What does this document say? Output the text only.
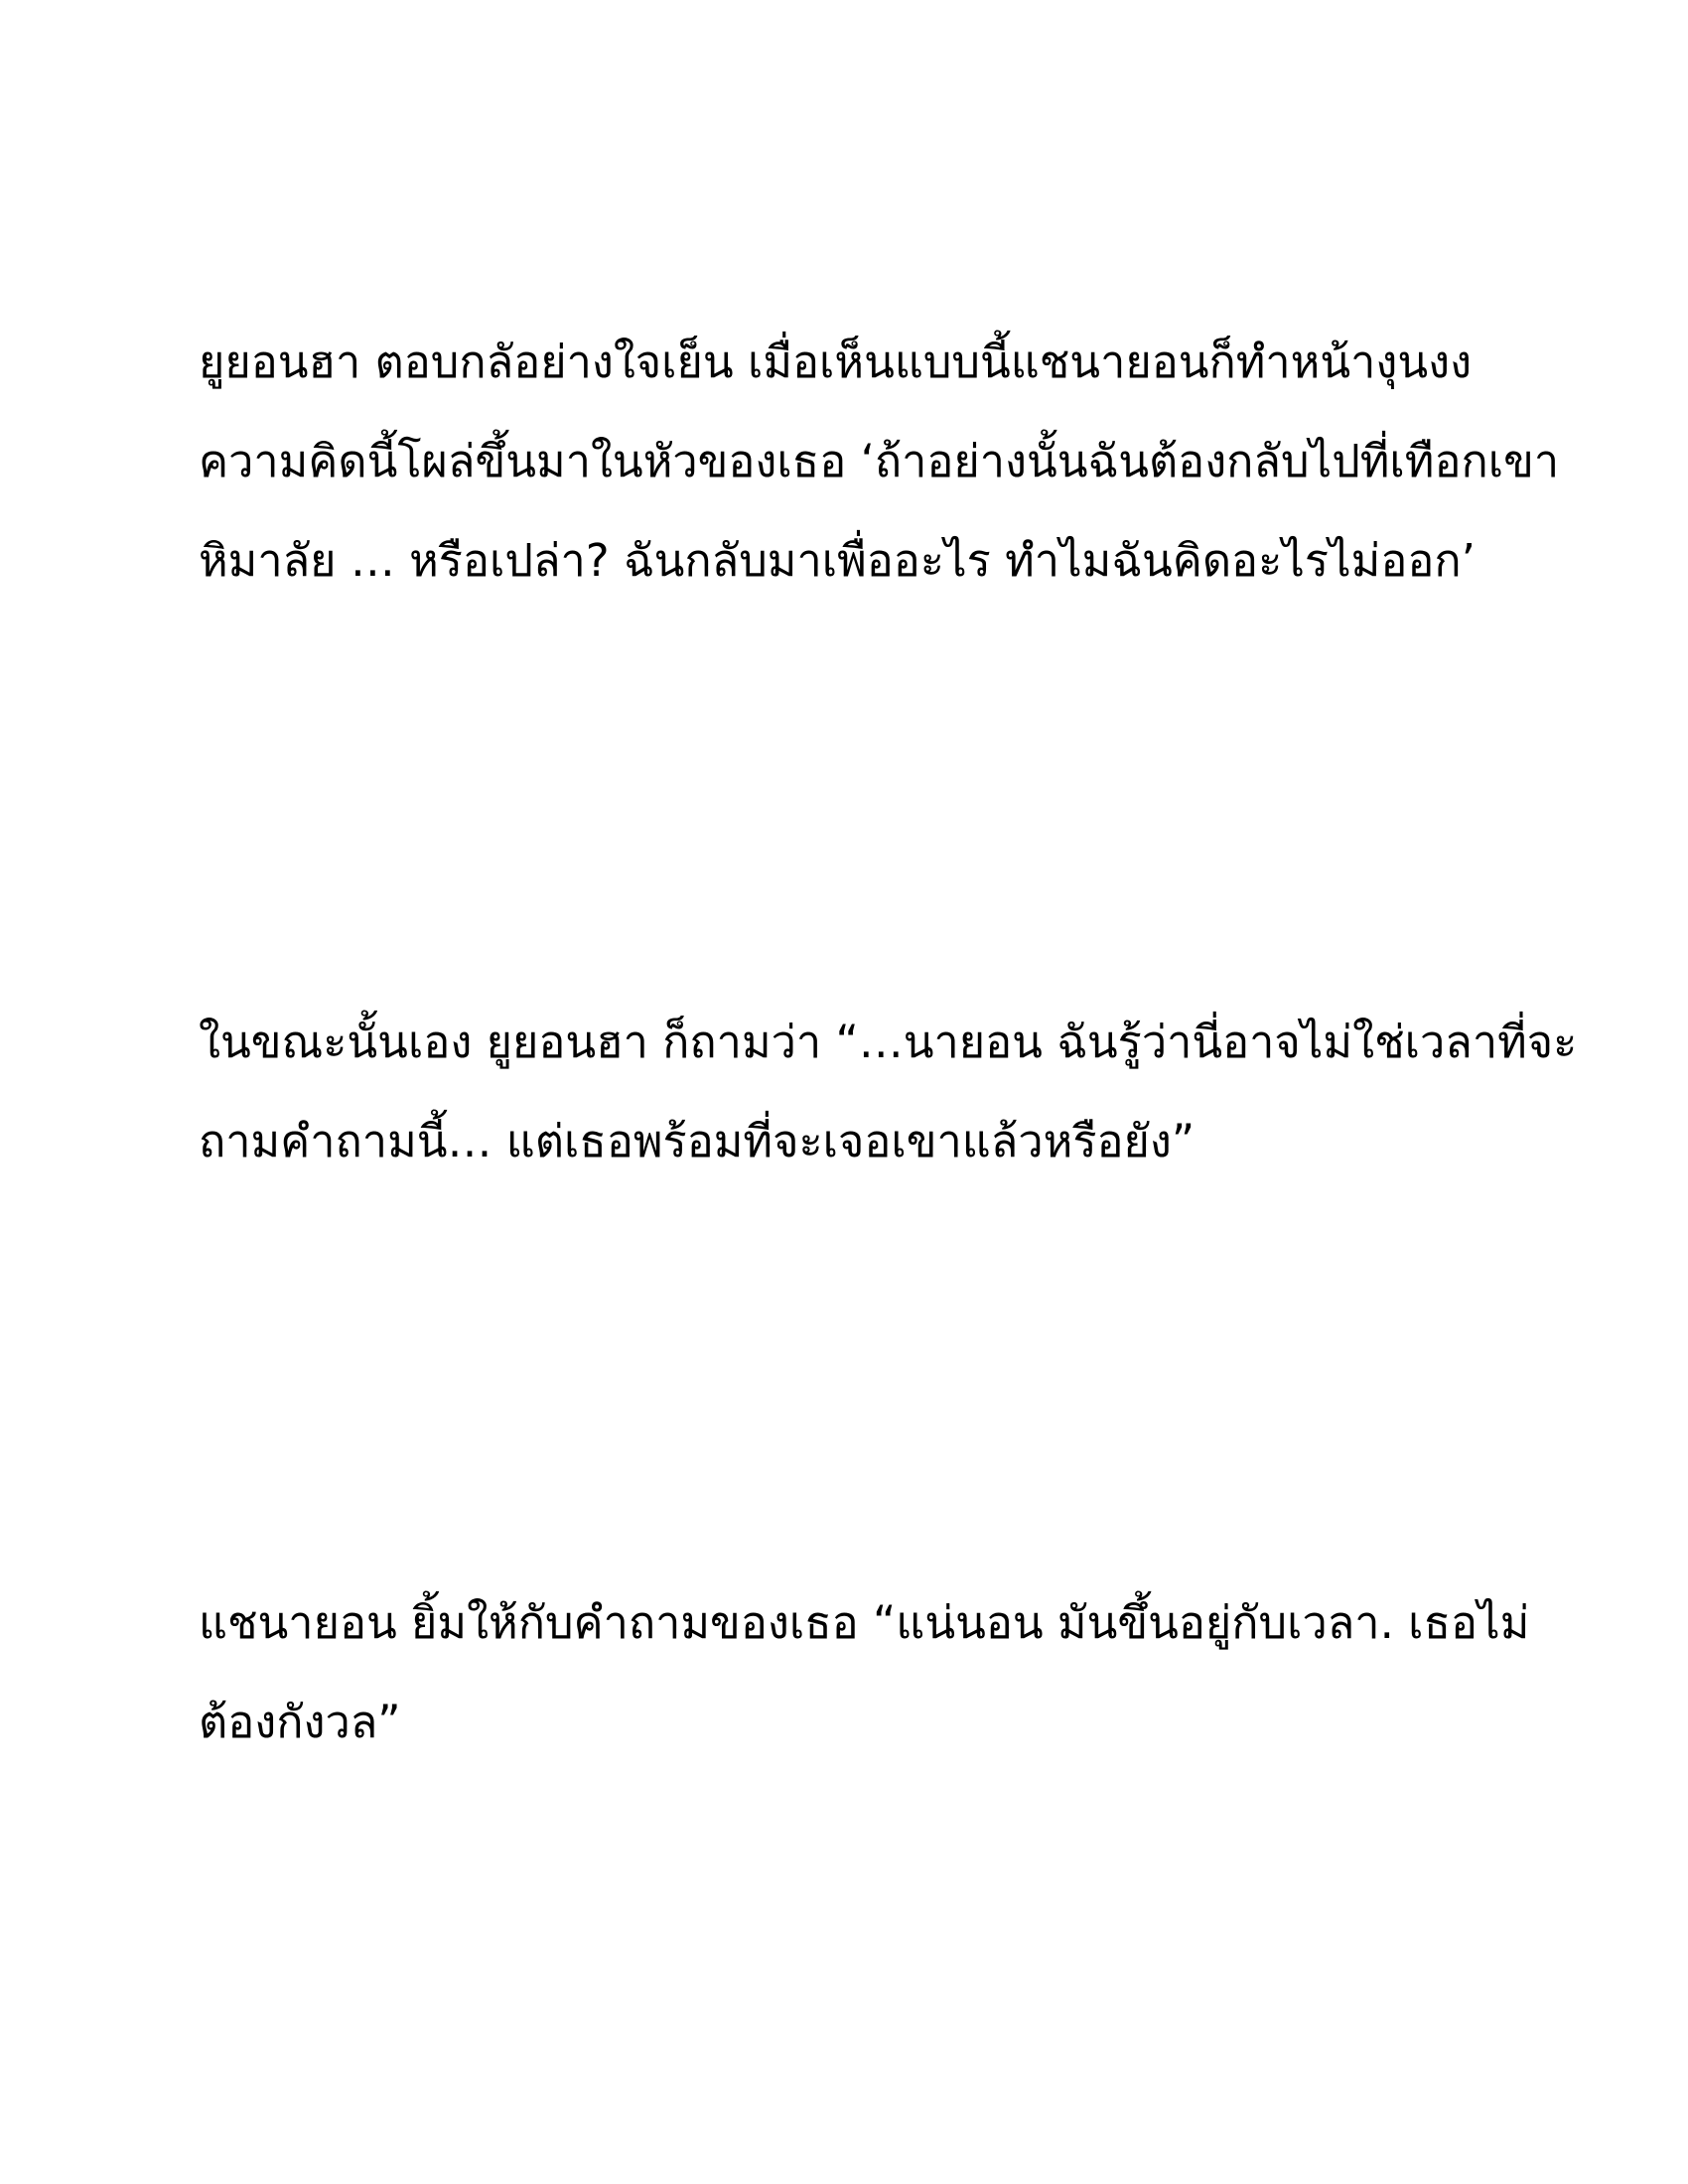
ยูยอนฮา ตอบกลัอย่างใจเย็น เมื่อเห็นแบบนี้แชนายอนก็ทำหน้างุนงง

ความคิดนี้โผล่ขึ้นมาในหัวของเธอ ‘ถ้าอย่างนั้นฉันต้องกลับไปที่เทือกเขา

หิมาลัย … หรือเปล่า? ฉันกลับมาเพื่ออะไร ทำไมฉันคิดอะไรไม่ออก’

ในขณะนั้นเอง ยูยอนฮา ก็ถามว่า “…นายอน ฉันรู้ว่านี่อาจไม่ใช่เวลาที่จะ

ถามคำถามนี้… แต่เธอพร้อมที่จะเจอเขาแล้วหรือยัง”

แชนายอน ยิ้มให้กับคำถามของเธอ “แน่นอน มันขึ้นอยู่กับเวลา. เธอไม่

ต้องกังวล”
